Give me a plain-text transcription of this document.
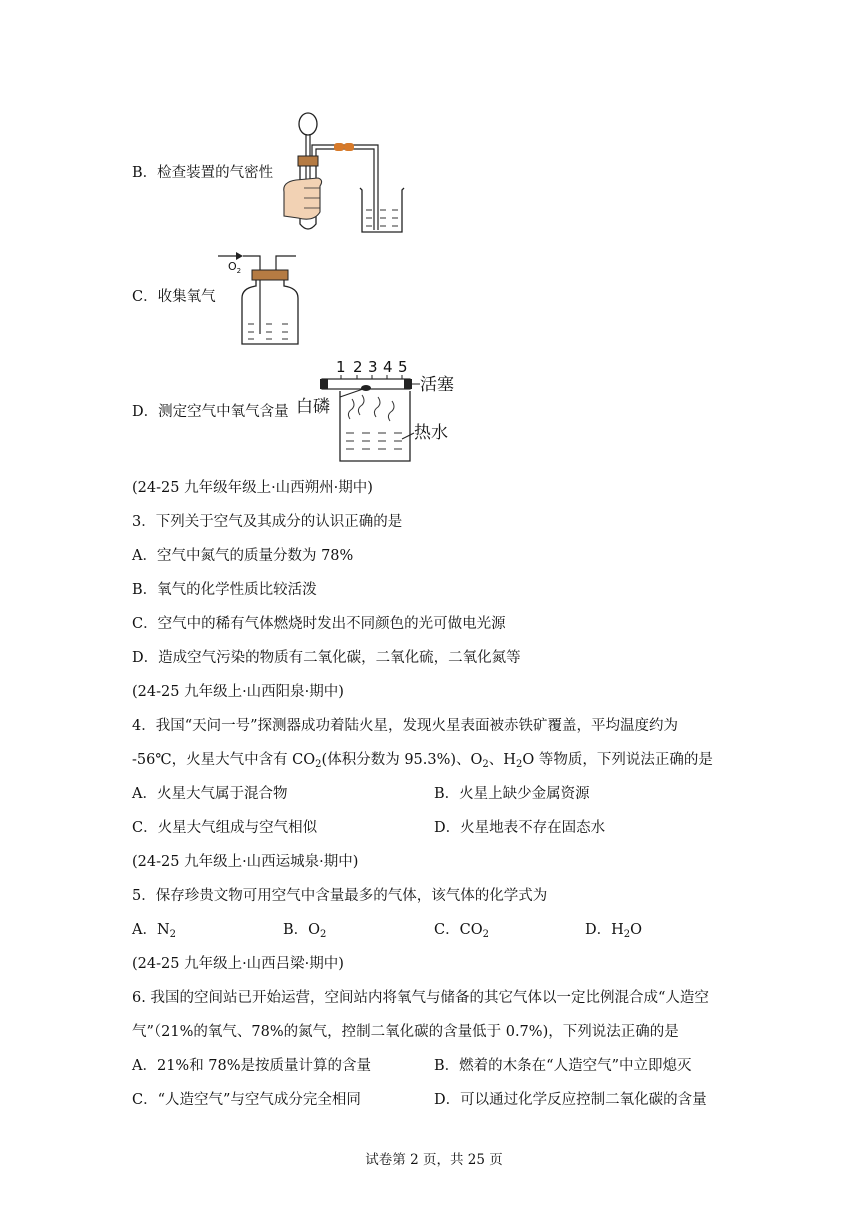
B．检查装置的气密性
C．收集氧气
$O_2$
D．测定空气中氧气含量
1 2 3 4 5
活塞
白磷
热水
(24-25 九年级年级上·山西朔州·期中)
3．下列关于空气及其成分的认识正确的是
A．空气中氮气的质量分数为 78%
B．氧气的化学性质比较活泼
C．空气中的稀有气体燃烧时发出不同颜色的光可做电光源
D．造成空气污染的物质有二氧化碳，二氧化硫，二氧化氮等
(24-25 九年级上·山西阳泉·期中)
4．我国“天问一号”探测器成功着陆火星，发现火星表面被赤铁矿覆盖，平均温度约为
-56℃，火星大气中含有 $CO_2$(体积分数为 95.3%)、$O_2$、$H_2O$ 等物质，下列说法正确的是
A．火星大气属于混合物	B．火星上缺少金属资源
C．火星大气组成与空气相似	D．火星地表不存在固态水
(24-25 九年级上·山西运城泉·期中)
5．保存珍贵文物可用空气中含量最多的气体，该气体的化学式为
A．$N_2$	B．$O_2$	C．$CO_2$	D．$H_2O$
(24-25 九年级上·山西吕梁·期中)
6. 我国的空间站已开始运营，空间站内将氧气与储备的其它气体以一定比例混合成“人造空
气”（21%的氧气、78%的氮气，控制二氧化碳的含量低于 0.7%)，下列说法正确的是
A．21%和 78%是按质量计算的含量	B．燃着的木条在“人造空气”中立即熄灭
C．“人造空气”与空气成分完全相同	D．可以通过化学反应控制二氧化碳的含量
试卷第 2 页，共 25 页
